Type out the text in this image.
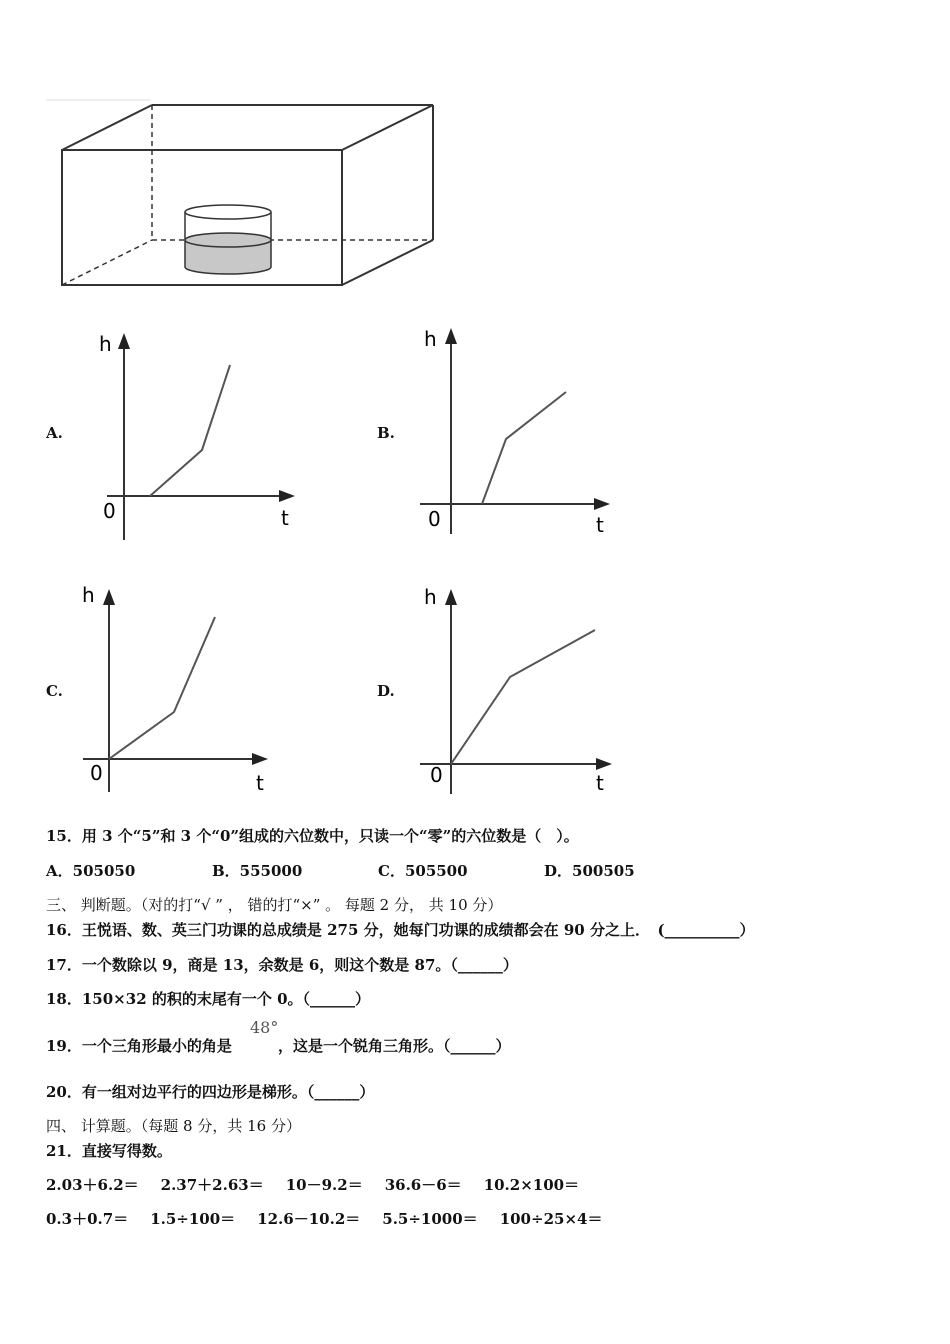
A.	B.
C.	D.
h
t
0
h
t
0
h
t
0
h
t
0
15．用 3 个“5”和 3 个“0”组成的六位数中，只读一个“零”的六位数是（　）。
A．505050	B．555000	C．505500	D．500505
三、 判断题。（对的打“√ ” ， 错的打“×” 。 每题 2 分， 共 10 分）
16．王悦语、数、英三门功课的总成绩是 275 分，她每门功课的成绩都会在 90 分之上．　(__________）
17．一个数除以 9，商是 13，余数是 6，则这个数是 87。（______）
18．150×32 的积的末尾有一个 0。（______）
19．一个三角形最小的角是
48°
，这是一个锐角三角形。（______）
20．有一组对边平行的四边形是梯形。（______）
四、 计算题。（每题 8 分，共 16 分）
21．直接写得数。
2.03＋6.2＝ 2.37＋2.63＝ 10－9.2＝ 36.6－6＝ 10.2×100＝
0.3＋0.7＝ 1.5÷100＝ 12.6－10.2＝ 5.5÷1000＝ 100÷25×4＝
